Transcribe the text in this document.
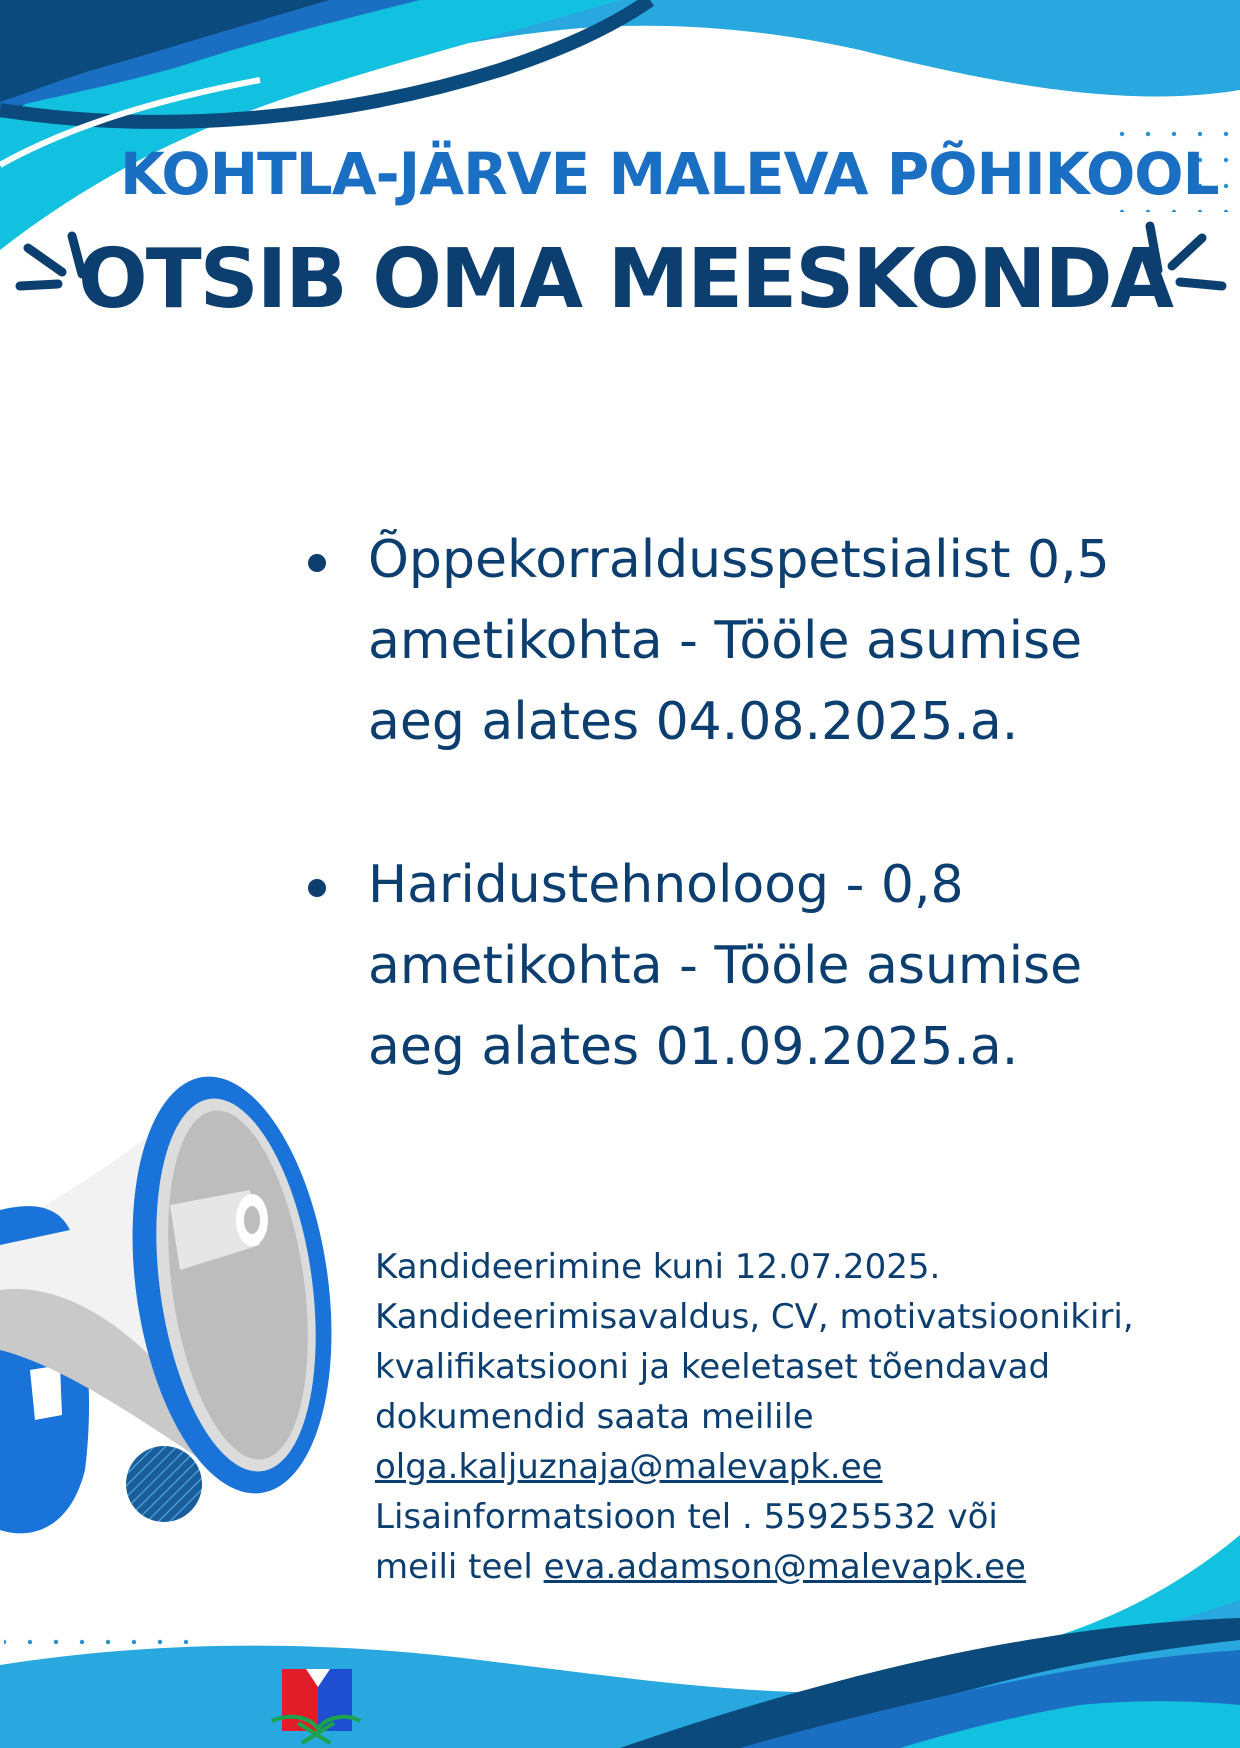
KOHTLA-JÄRVE MALEVA PÕHIKOOL
OTSIB OMA MEESKONDA
Õppekorraldusspetsialist 0,5
ametikohta - Tööle asumise
aeg alates 04.08.2025.a.
Haridustehnoloog - 0,8
ametikohta - Tööle asumise
aeg alates 01.09.2025.a.
Kandideerimine kuni 12.07.2025.
Kandideerimisavaldus, CV, motivatsioonikiri,
kvalifikatsiooni ja keeletaset tõendavad
dokumendid saata meilile
olga.kaljuznaja@malevapk.ee
Lisainformatsioon tel . 55925532 või
meili teel eva.adamson@malevapk.ee
